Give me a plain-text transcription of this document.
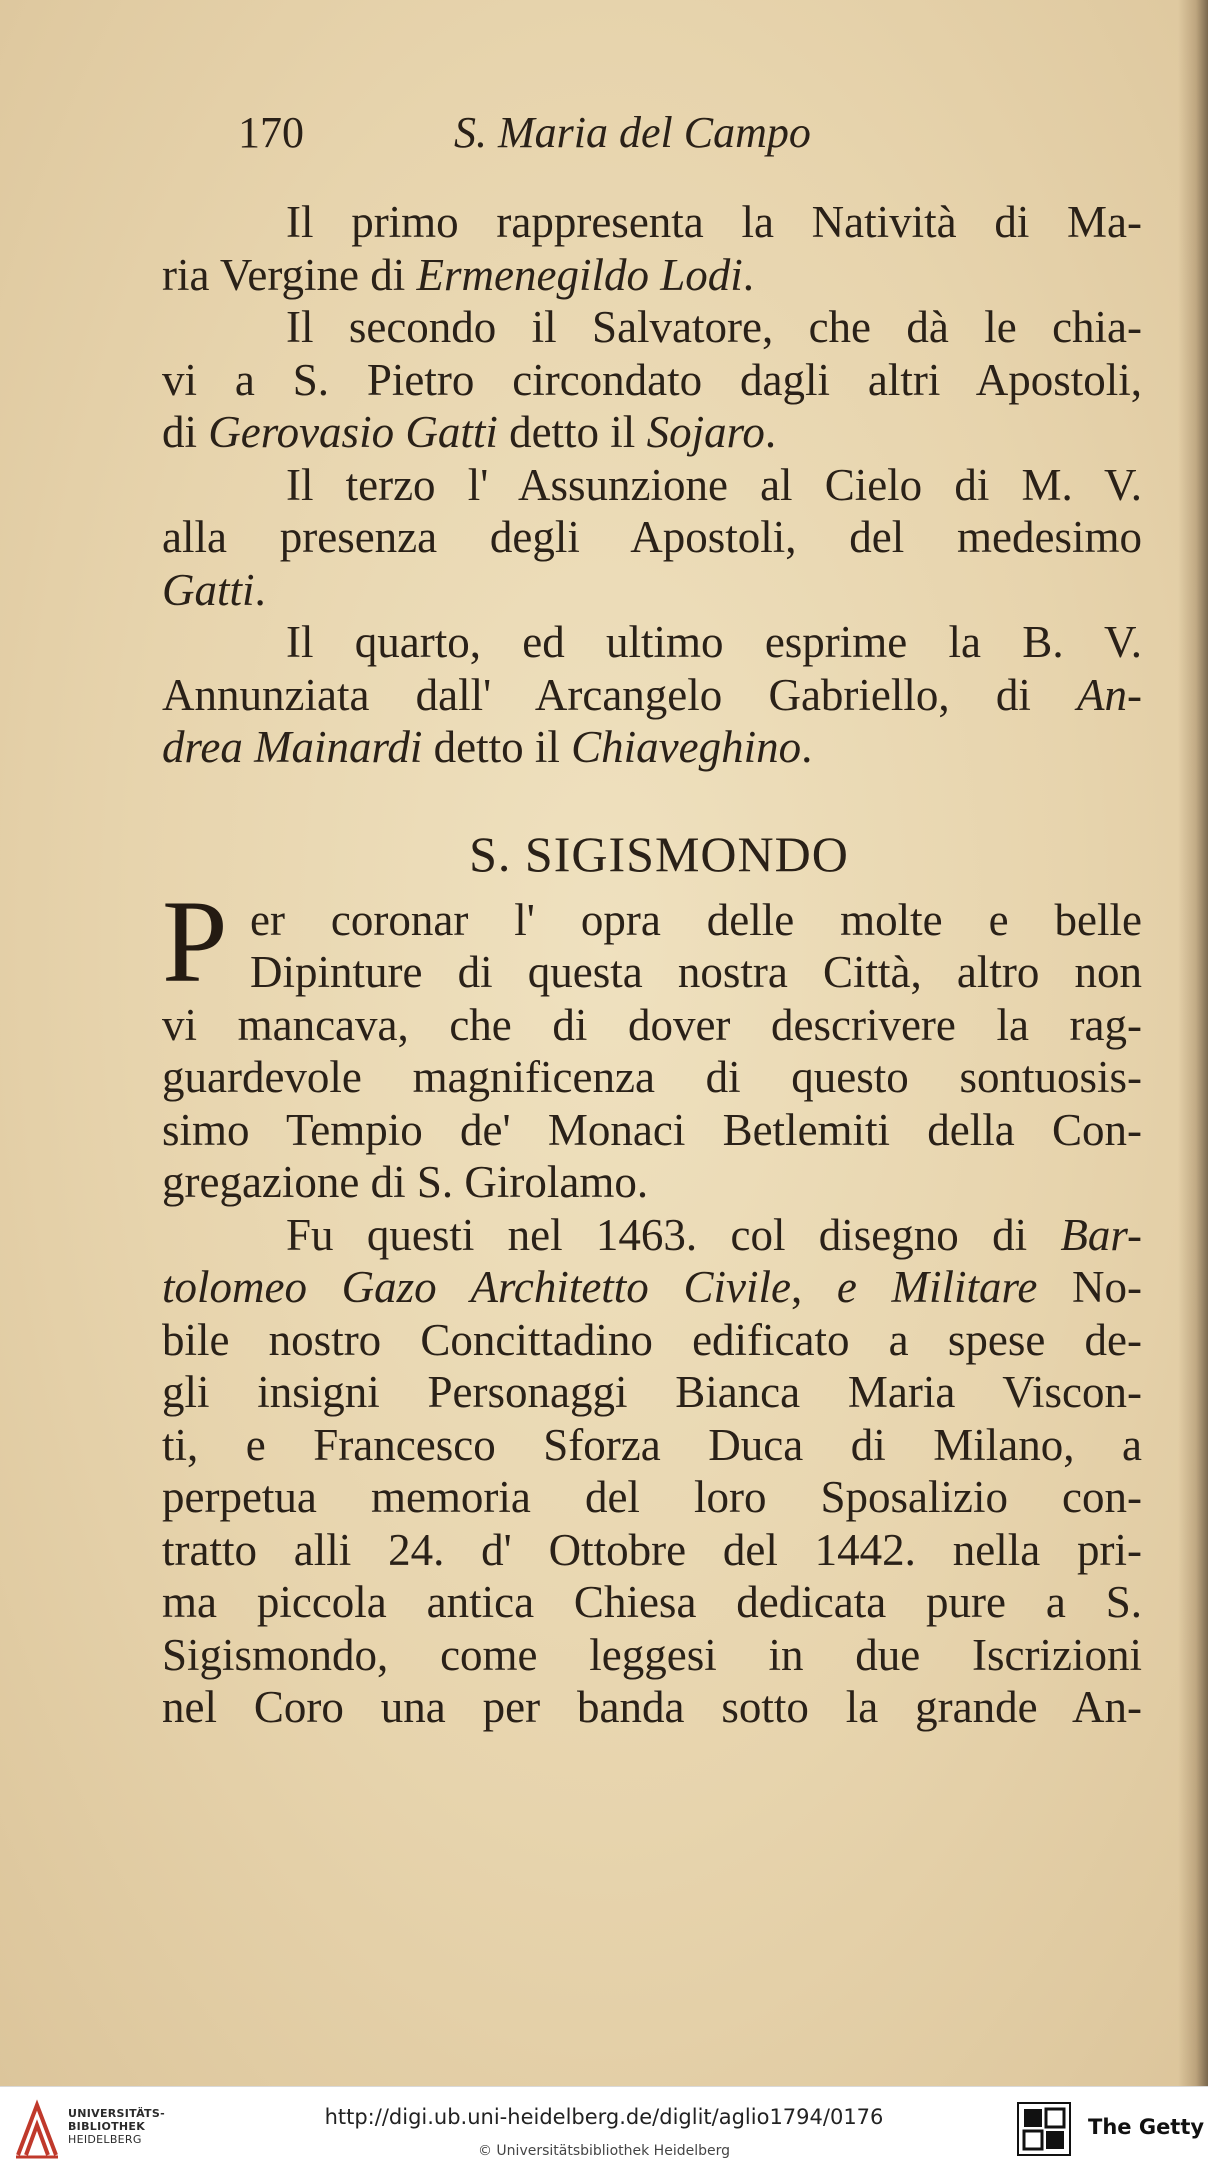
170	S. Maria del Campo
Il primo rappresenta la Natività di Ma-
ria Vergine di Ermenegildo Lodi.
Il secondo il Salvatore, che dà le chia-
vi a S. Pietro circondato dagli altri Apostoli,
di Gerovasio Gatti detto il Sojaro.
Il terzo l' Assunzione al Cielo di M. V.
alla presenza degli Apostoli, del medesimo
Gatti.
Il quarto, ed ultimo esprime la B. V.
Annunziata dall' Arcangelo Gabriello, di An-
drea Mainardi detto il Chiaveghino.
S. SIGISMONDO
P er coronar l' opra delle molte e belle
Dipinture di questa nostra Città, altro non
vi mancava, che di dover descrivere la rag-
guardevole magnificenza di questo sontuosis-
simo Tempio de' Monaci Betlemiti della Con-
gregazione di S. Girolamo.
Fu questi nel 1463. col disegno di Bar-
tolomeo Gazo Architetto Civile, e Militare No-
bile nostro Concittadino edificato a spese de-
gli insigni Personaggi Bianca Maria Viscon-
ti, e Francesco Sforza Duca di Milano, a
perpetua memoria del loro Sposalizio con-
tratto alli 24. d' Ottobre del 1442. nella pri-
ma piccola antica Chiesa dedicata pure a S.
Sigismondo, come leggesi in due Iscrizioni
nel Coro una per banda sotto la grande An-
UNIVERSITÄTS-
BIBLIOTHEK
HEIDELBERG
http://digi.ub.uni-heidelberg.de/diglit/aglio1794/0176
© Universitätsbibliothek Heidelberg
The Getty
